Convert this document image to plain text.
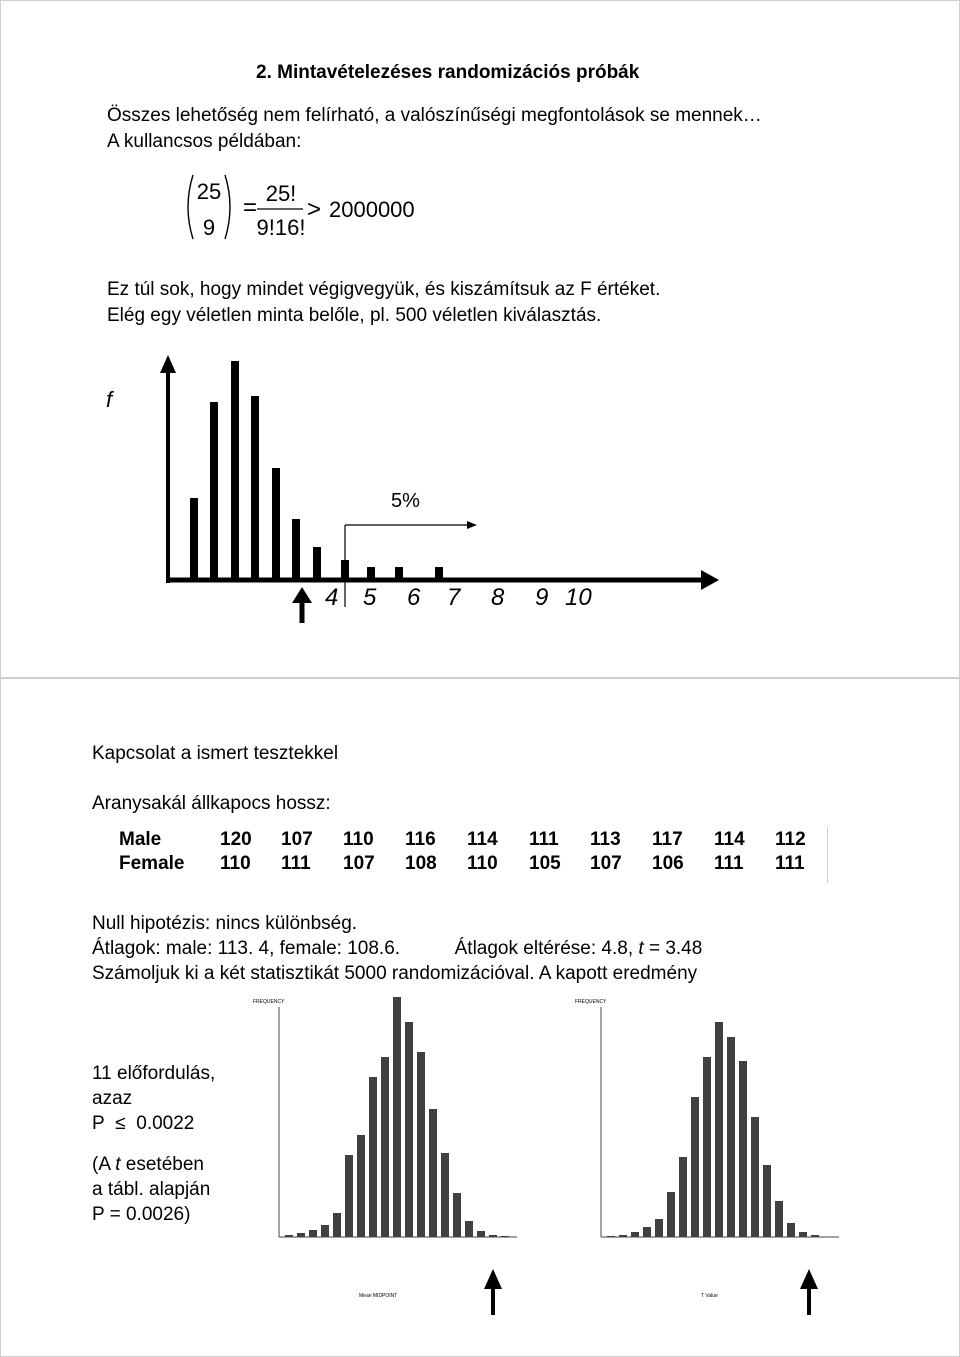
2. Mintavételezéses randomizációs próbák
Összes lehetőség nem felírható, a valószínűségi megfontolások se mennek…
A kullancsos példában:
25
9
=
25!
9!16!
> 2000000
Ez túl sok, hogy mindet végigvegyük, és kiszámítsuk az F értéket.
Elég egy véletlen minta belőle, pl. 500 véletlen kiválasztás.
f
5%
4 5 6 7 8 9 10
Kapcsolat a ismert tesztekkel
Aranysakál állkapocs hossz:
Male	120 107 110 116 114 111 113 117 114 112
Female 110 111 107 108 110 105 107 106 111 111
Null hipotézis: nincs különbség.
Átlagok: male: 113. 4, female: 108.6.	Átlagok eltérése: 4.8, t = 3.48
Számoljuk ki a két statisztikát 5000 randomizációval. A kapott eredmény
11 előfordulás,
azaz
P ≤ 0.0022
(A t esetében
a tábl. alapján
P = 0.0026)
FREQUENCY
Mean MIDPOINT
FREQUENCY
T Value
